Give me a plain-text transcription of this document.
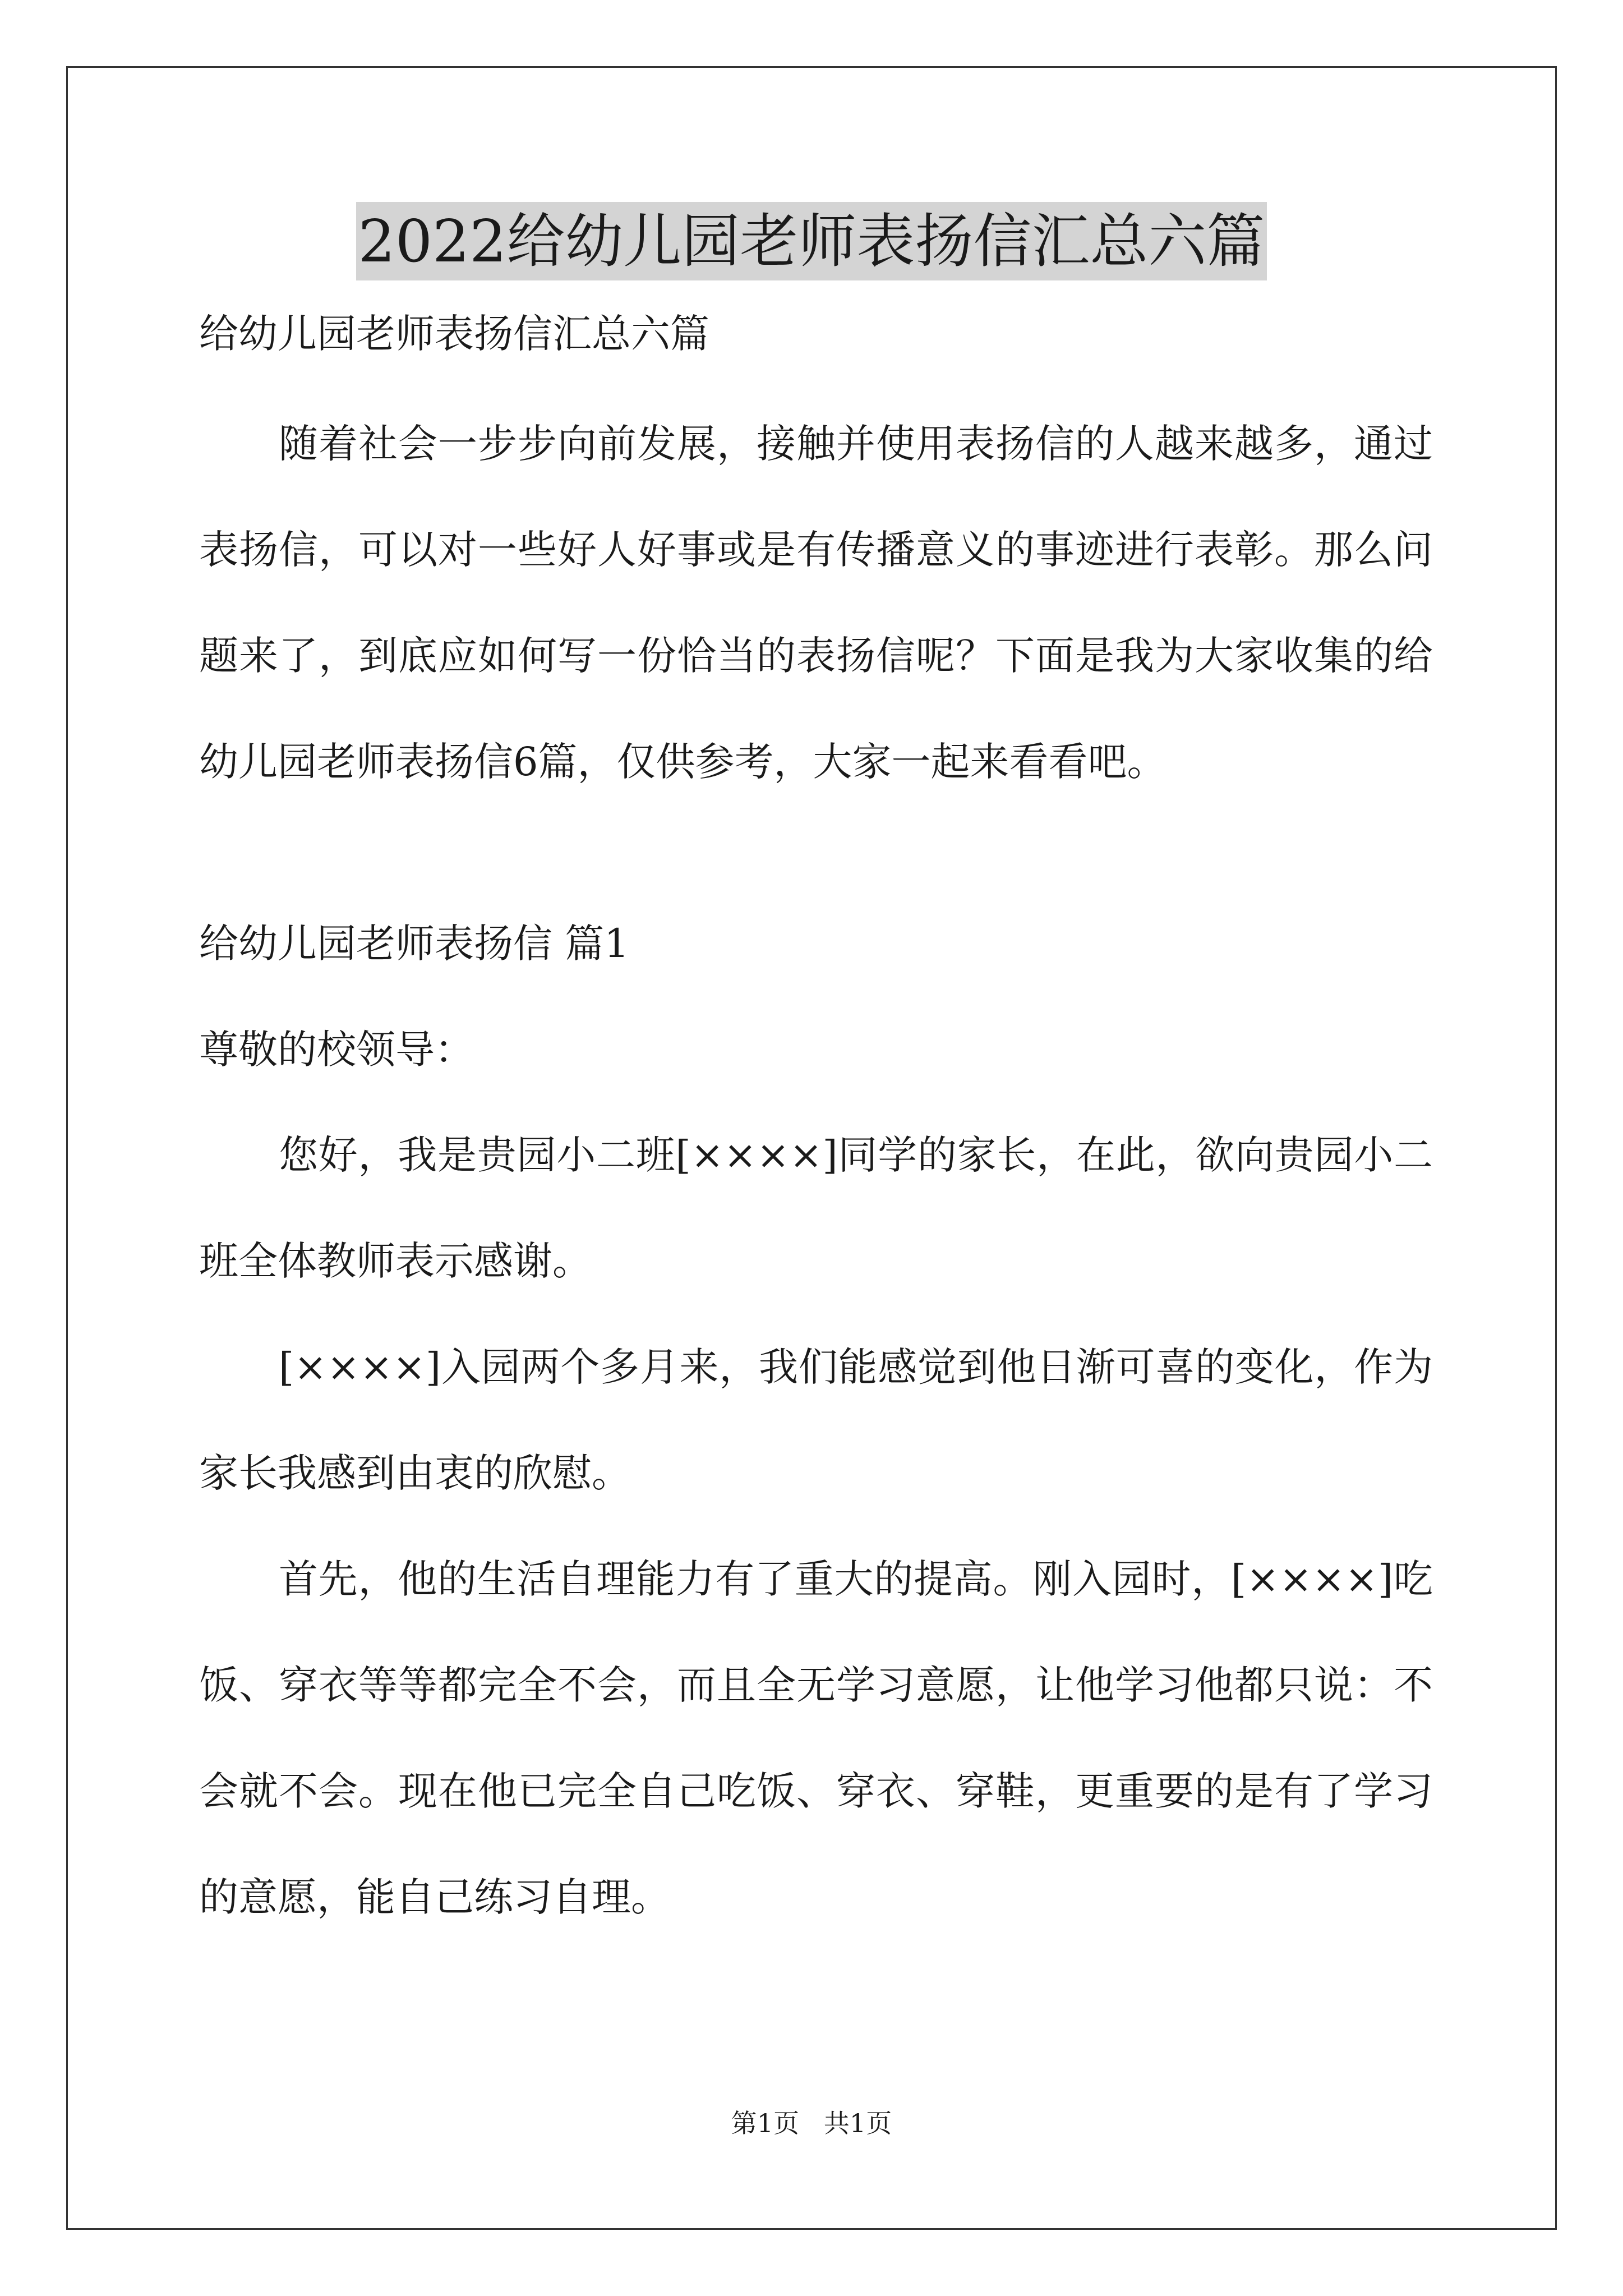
2022给幼儿园老师表扬信汇总六篇
给幼儿园老师表扬信汇总六篇

随着社会一步步向前发展，接触并使用表扬信的人越来越多，通过表扬信，可以对一些好人好事或是有传播意义的事迹进行表彰。那么问题来了，到底应如何写一份恰当的表扬信呢？下面是我为大家收集的给幼儿园老师表扬信6篇，仅供参考，大家一起来看看吧。

给幼儿园老师表扬信 篇1
尊敬的校领导：

您好，我是贵园小二班[××××]同学的家长，在此，欲向贵园小二班全体教师表示感谢。

[××××]入园两个多月来，我们能感觉到他日渐可喜的变化，作为家长我感到由衷的欣慰。

首先，他的生活自理能力有了重大的提高。刚入园时，[××××]吃饭、穿衣等等都完全不会，而且全无学习意愿，让他学习他都只说：不会就不会。现在他已完全自己吃饭、穿衣、穿鞋，更重要的是有了学习的意愿，能自己练习自理。

第1页   共1页
